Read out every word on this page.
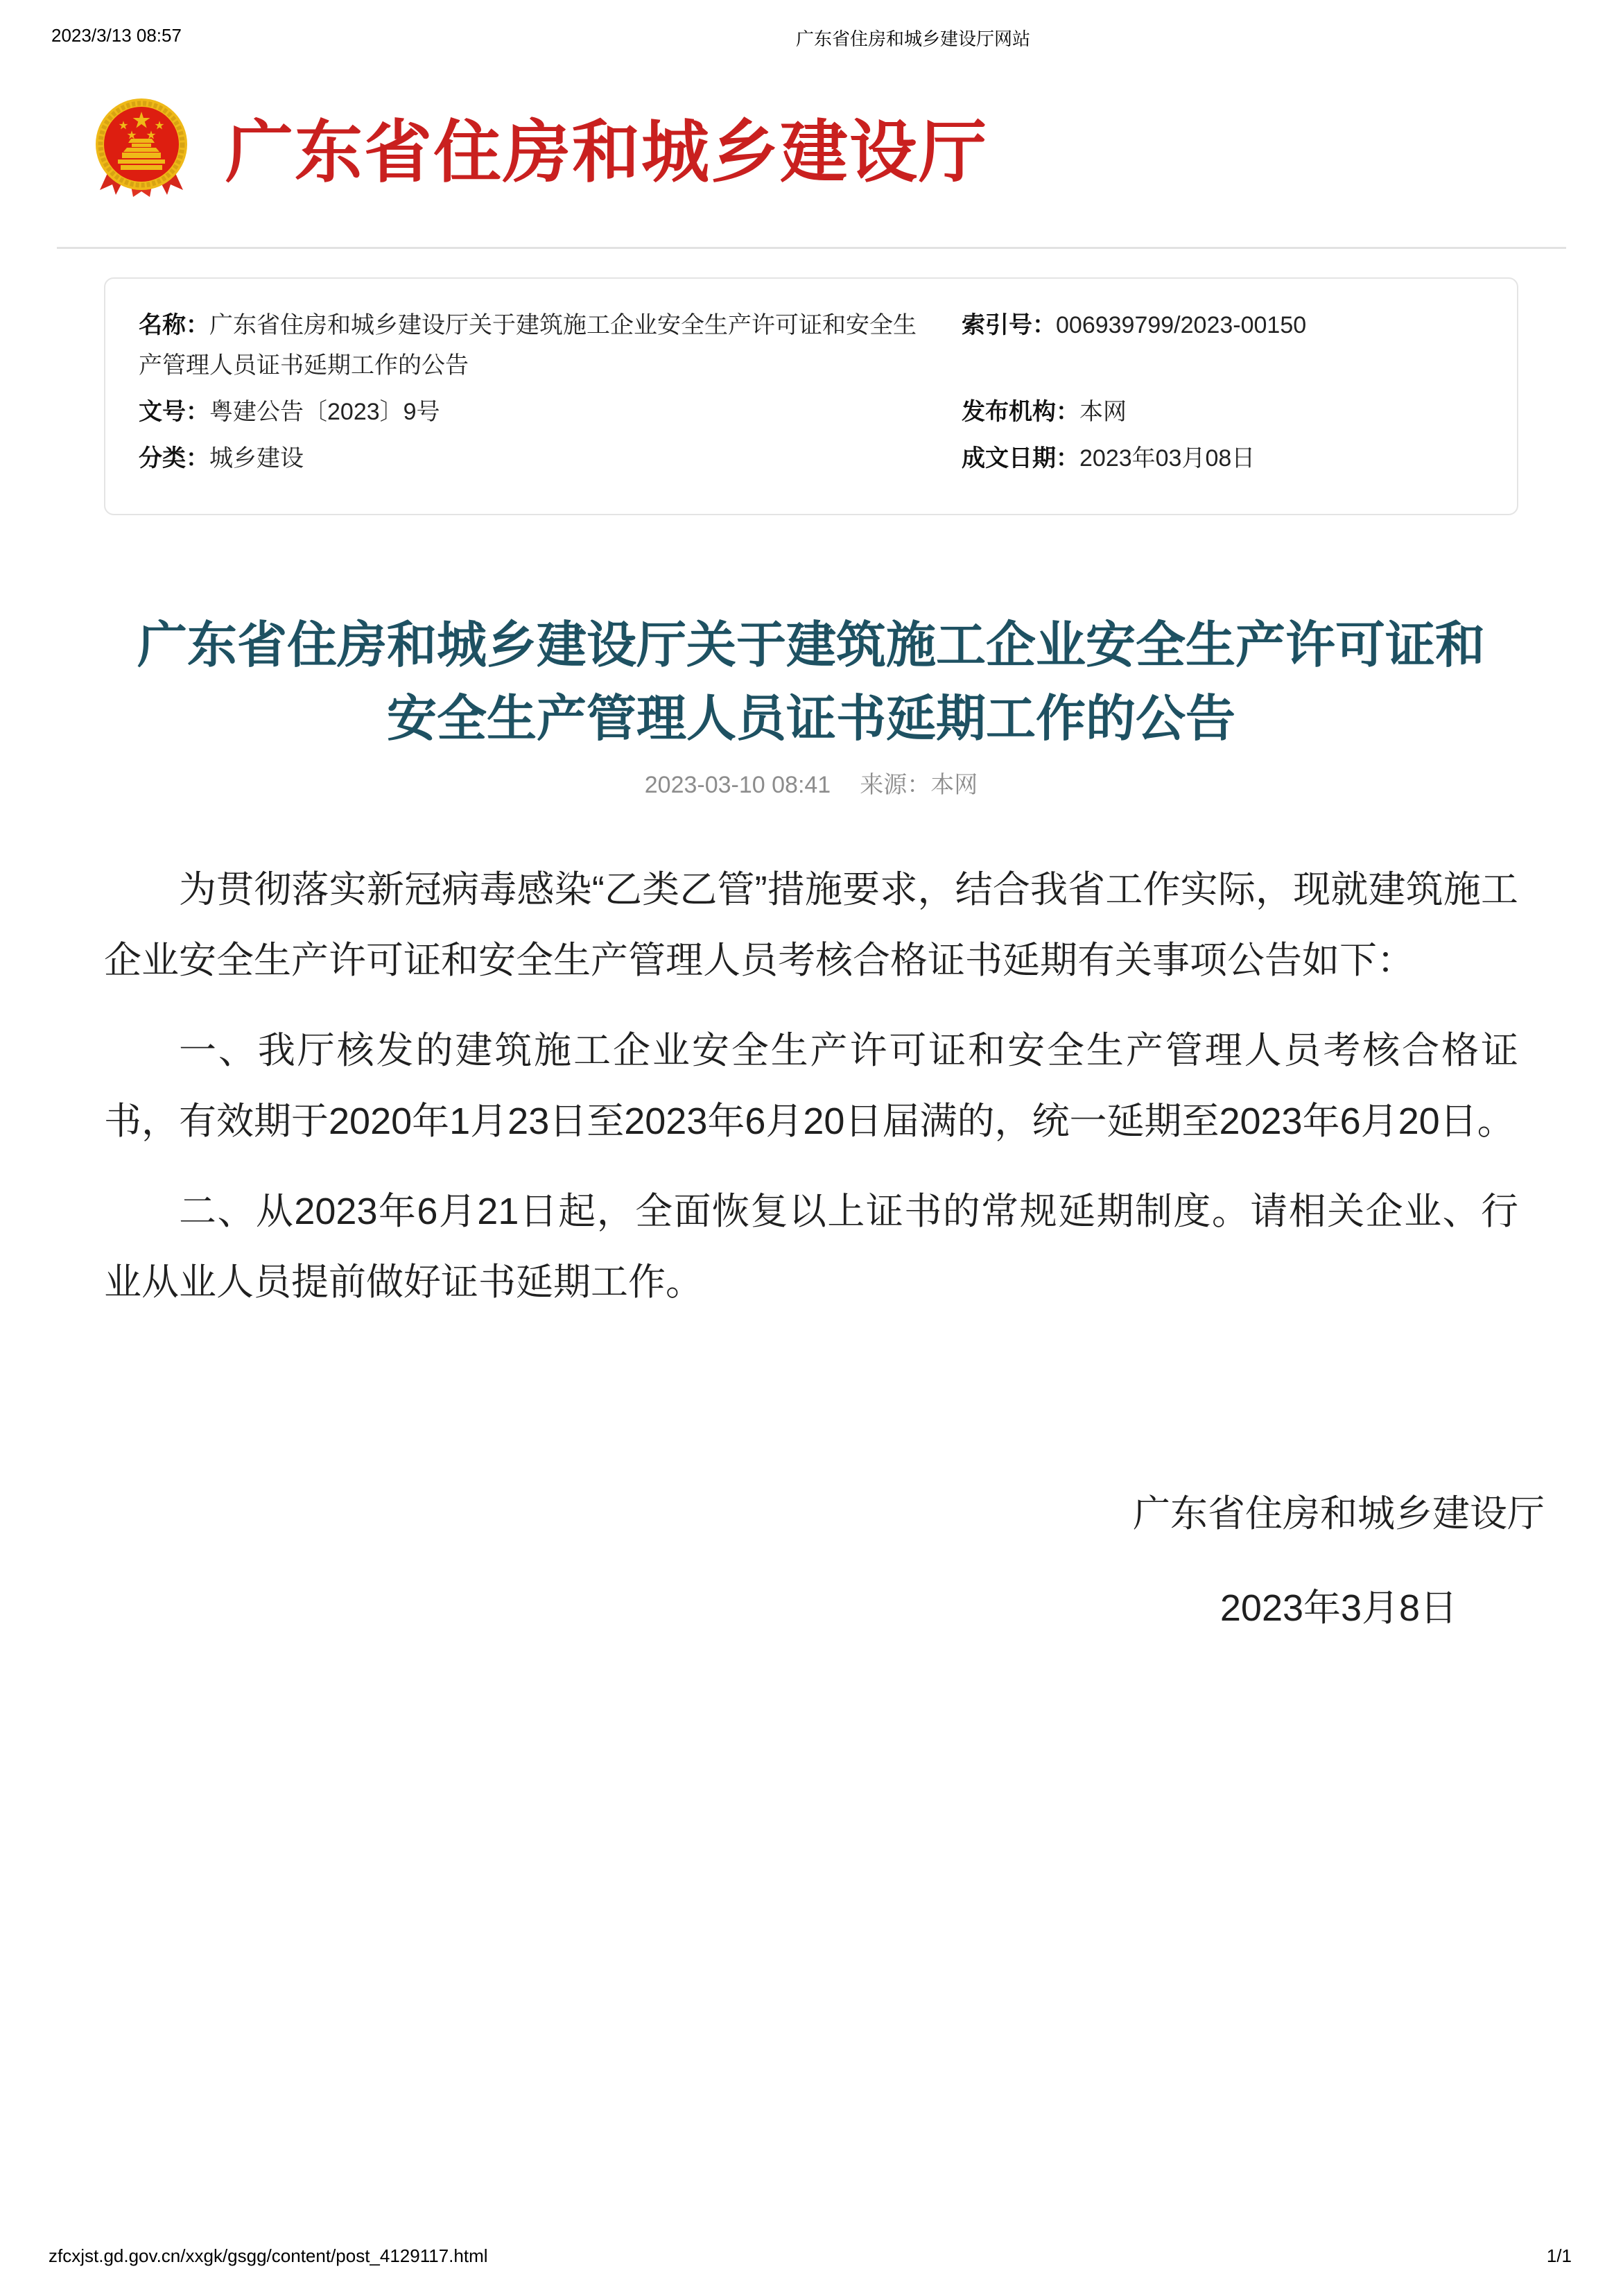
2023/3/13 08:57	广东省住房和城乡建设厅网站
广东省住房和城乡建设厅
名称：广东省住房和城乡建设厅关于建筑施工企业安全生产许可证和安全生产管理人员证书延期工作的公告
索引号：006939799/2023-00150
文号：粤建公告〔2023〕9号	发布机构：本网
分类：城乡建设	成文日期：2023年03月08日
广东省住房和城乡建设厅关于建筑施工企业安全生产许可证和
安全生产管理人员证书延期工作的公告
2023-03-10 08:41 来源：本网

为贯彻落实新冠病毒感染“乙类乙管”措施要求，结合我省工作实际，现就建筑施工企业安全生产许可证和安全生产管理人员考核合格证书延期有关事项公告如下：

一、我厅核发的建筑施工企业安全生产许可证和安全生产管理人员考核合格证书，有效期于2020年1月23日至2023年6月20日届满的，统一延期至2023年6月20日。

二、从2023年6月21日起，全面恢复以上证书的常规延期制度。请相关企业、行业从业人员提前做好证书延期工作。

广东省住房和城乡建设厅
2023年3月8日
zfcxjst.gd.gov.cn/xxgk/gsgg/content/post_4129117.html	1/1
